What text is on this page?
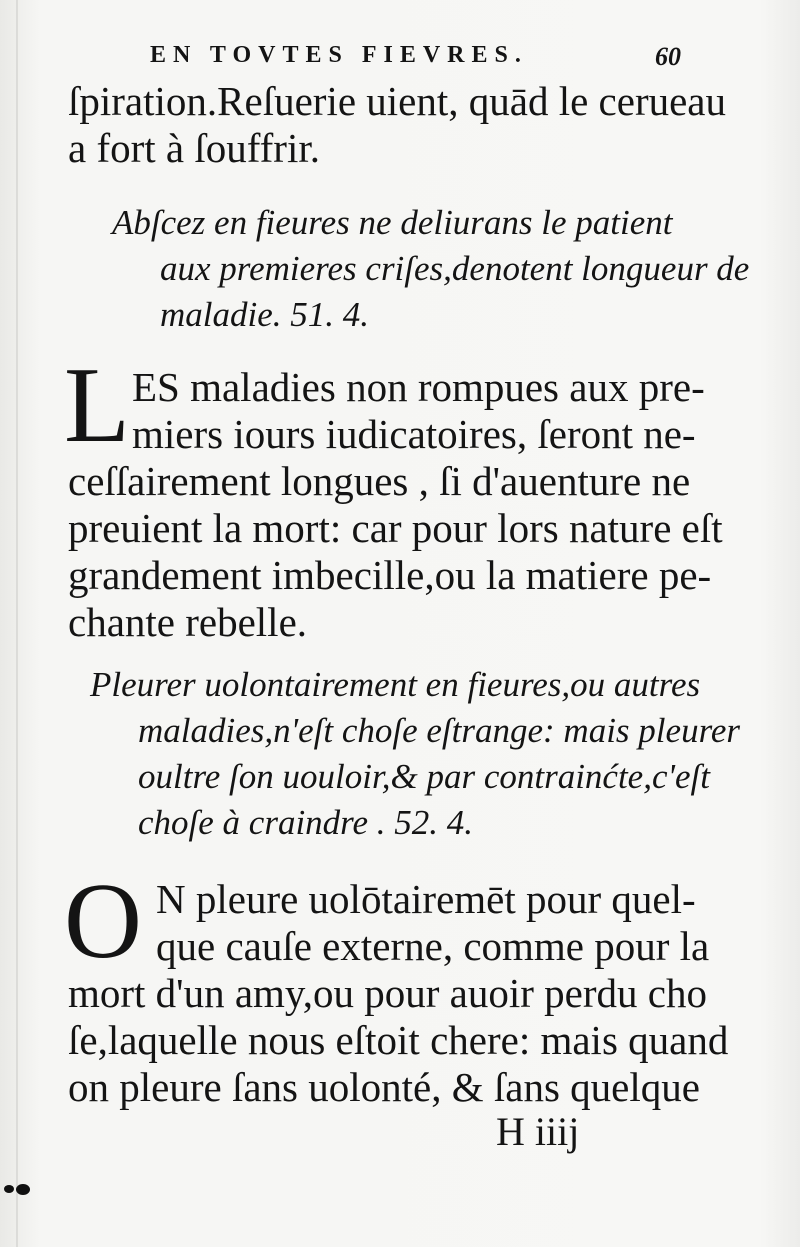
EN TOVTES FIEVRES.	60
ſpiration.Reſuerie uient, quād le cerueau
a fort à ſouffrir.
Abſcez en fieures ne deliurans le patient
aux premieres criſes,denotent longueur de
maladie. 51. 4.
L ES maladies non rompues aux pre-
miers iours iudicatoires, ſeront ne-
ceſſairement longues , ſi d'auenture ne
preuient la mort: car pour lors nature eſt
grandement imbecille,ou la matiere pe-
chante rebelle.
Pleurer uolontairement en fieures,ou autres
maladies,n'eſt choſe eſtrange: mais pleurer
oultre ſon uouloir,& par contrainćte,c'eſt
choſe à craindre . 52. 4.
O N pleure uolōtairemēt pour quel-
que cauſe externe, comme pour la
mort d'un amy,ou pour auoir perdu cho
ſe,laquelle nous eſtoit chere: mais quand
on pleure ſans uolonté, & ſans quelque
H iiij
